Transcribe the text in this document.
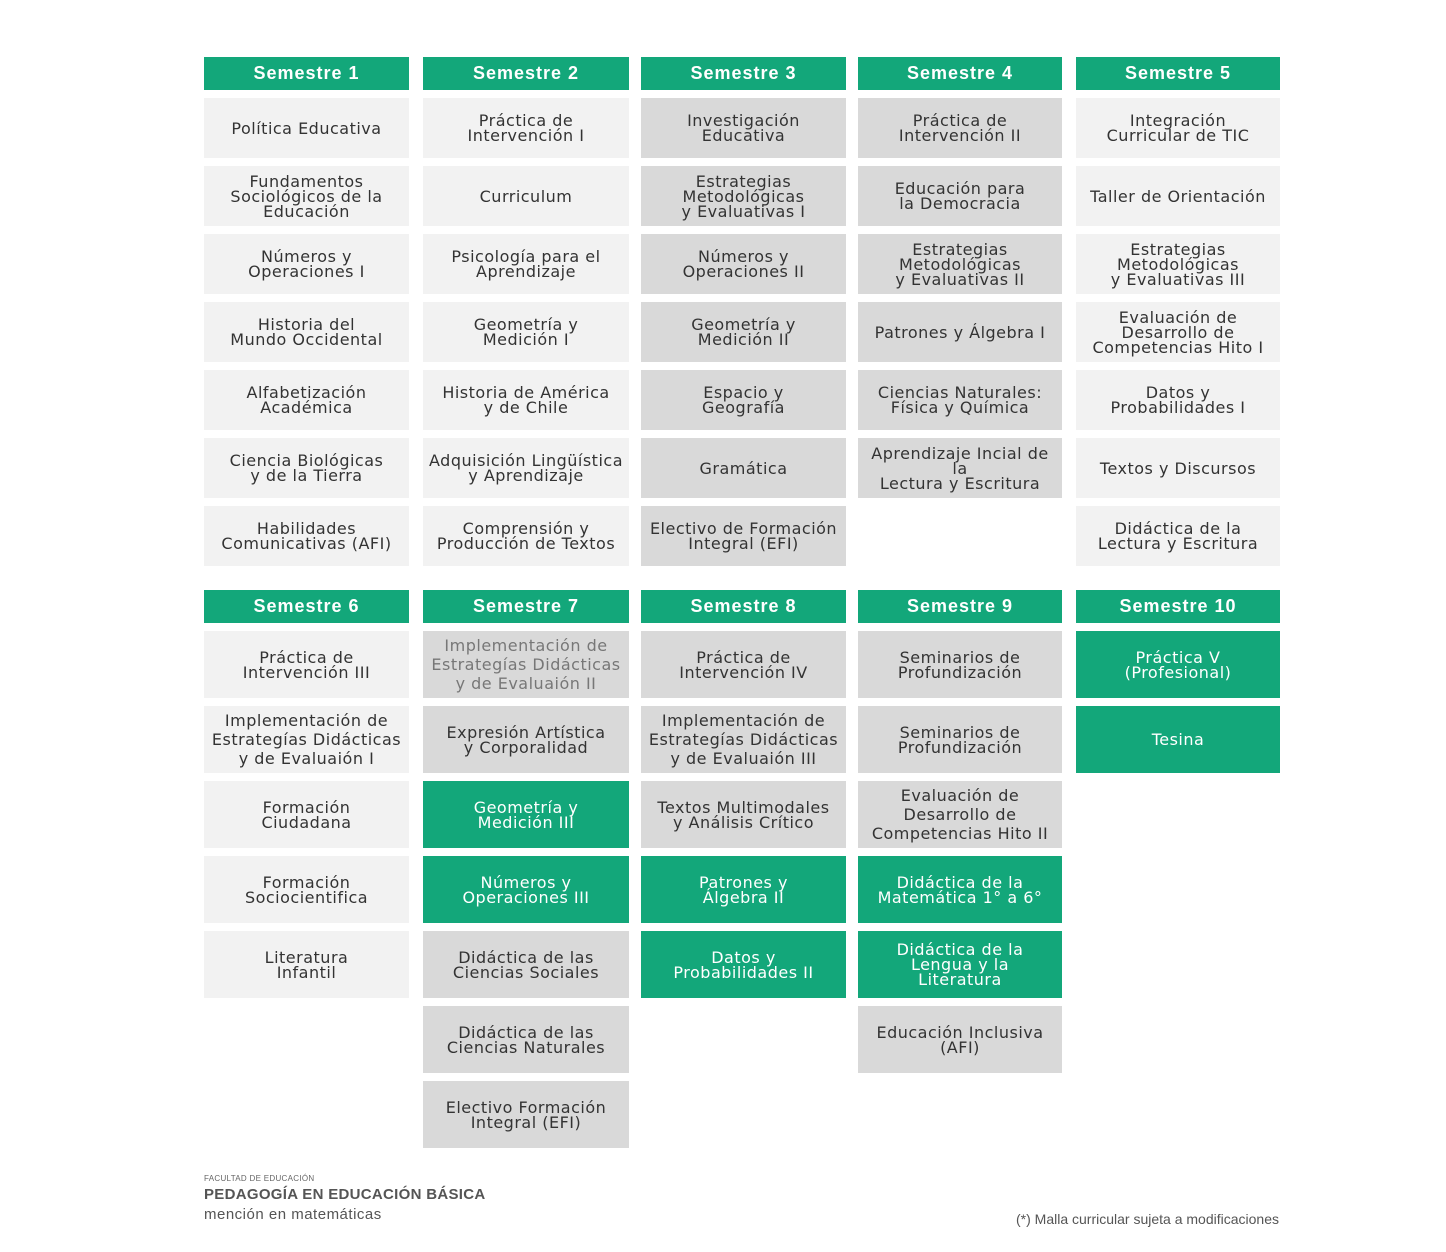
Semestre 1
Política Educativa
Fundamentos
Sociológicos de la
Educación
Números y
Operaciones I
Historia del
Mundo Occidental
Alfabetización
Académica
Ciencia Biológicas
y de la Tierra
Habilidades
Comunicativas (AFI)
Semestre 2
Práctica de
Intervención I
Curriculum
Psicología para el
Aprendizaje
Geometría y
Medición I
Historia de América
y de Chile
Adquisición Lingüística
y Aprendizaje
Comprensión y
Producción de Textos
Semestre 3
Investigación
Educativa
Estrategias
Metodológicas
y Evaluativas I
Números y
Operaciones II
Geometría y
Medición II
Espacio y
Geografía
Gramática
Electivo de Formación
Integral (EFI)
Semestre 4
Práctica de
Intervención II
Educación para
la Democracia
Estrategias
Metodológicas
y Evaluativas II
Patrones y Álgebra I
Ciencias Naturales:
Física y Química
Aprendizaje Incial de la
Lectura y Escritura
Semestre 5
Integración
Curricular de TIC
Taller de Orientación
Estrategias
Metodológicas
y Evaluativas III
Evaluación de
Desarrollo de
Competencias Hito I
Datos y
Probabilidades I
Textos y Discursos
Didáctica de la
Lectura y Escritura
Semestre 6
Práctica de
Intervención III
Implementación de
Estrategías Didácticas
y de Evaluaión I
Formación
Ciudadana
Formación
Sociocientifica
Literatura
Infantil
Semestre 7
Implementación de
Estrategías Didácticas
y de Evaluaión II
Expresión Artística
y Corporalidad
Geometría y
Medición III
Números y
Operaciones III
Didáctica de las
Ciencias Sociales
Didáctica de las
Ciencias Naturales
Electivo Formación
Integral (EFI)
Semestre 8
Práctica de
Intervención IV
Implementación de
Estrategías Didácticas
y de Evaluaión III
Textos Multimodales
y Análisis Crítico
Patrones y
Álgebra II
Datos y
Probabilidades II
Semestre 9
Seminarios de
Profundización
Seminarios de
Profundización
Evaluación de
Desarrollo de
Competencias Hito II
Didáctica de la
Matemática 1° a 6°
Didáctica de la
Lengua y la
Literatura
Educación Inclusiva
(AFI)
Semestre 10
Práctica V
(Profesional)
Tesina
FACULTAD DE EDUCACIÓN
PEDAGOGÍA EN EDUCACIÓN BÁSICA
mención en matemáticas	(*) Malla curricular sujeta a modificaciones
